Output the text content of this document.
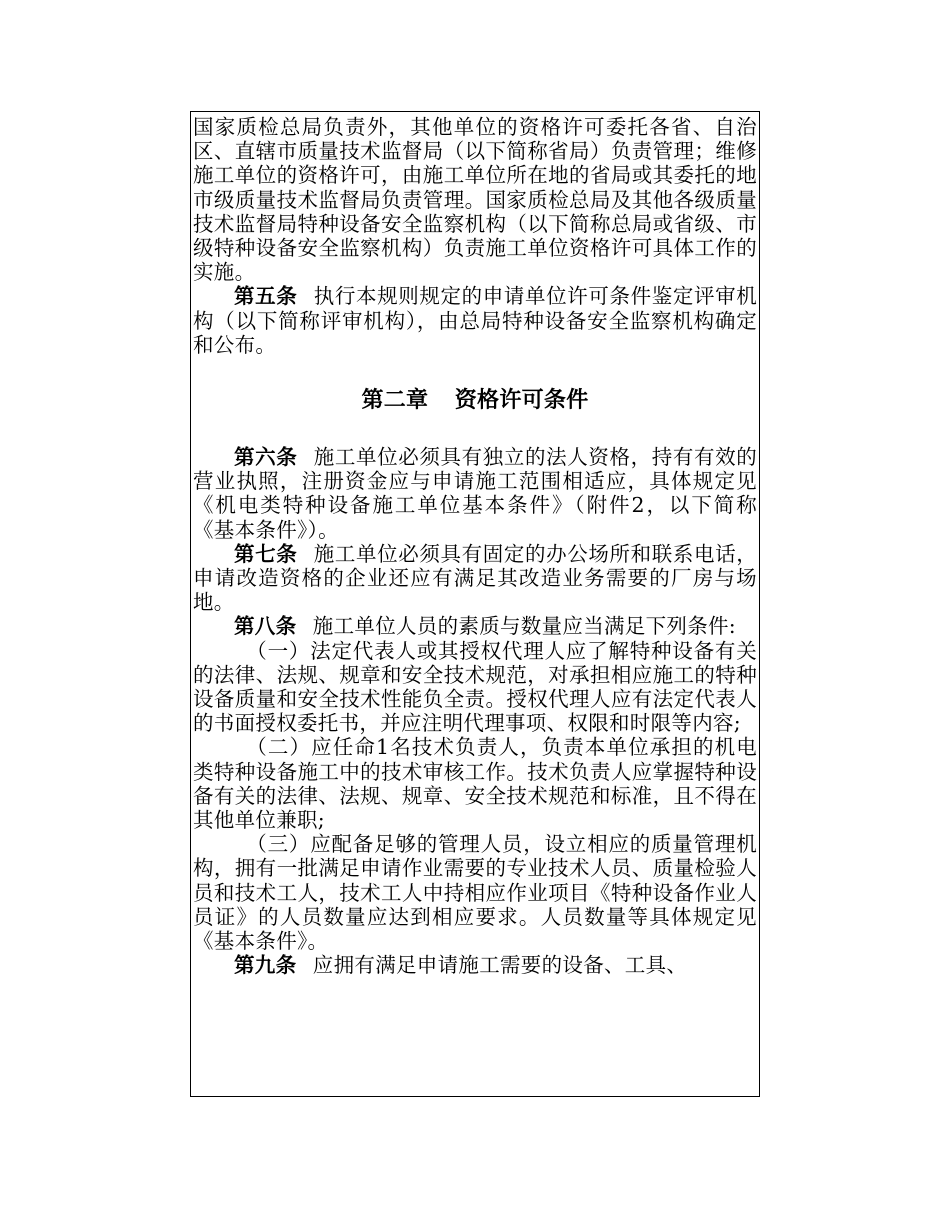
国家质检总局负责外，其他单位的资格许可委托各省、自治区、直辖市质量技术监督局（以下简称省局）负责管理；维修施工单位的资格许可，由施工单位所在地的省局或其委托的地市级质量技术监督局负责管理。国家质检总局及其他各级质量技术监督局特种设备安全监察机构（以下简称总局或省级、市级特种设备安全监察机构）负责施工单位资格许可具体工作的实施。

第五条 执行本规则规定的申请单位许可条件鉴定评审机构（以下简称评审机构），由总局特种设备安全监察机构确定和公布。

第二章 资格许可条件

第六条 施工单位必须具有独立的法人资格，持有有效的营业执照，注册资金应与申请施工范围相适应，具体规定见《机电类特种设备施工单位基本条件》（附件2，以下简称《基本条件》）。

第七条 施工单位必须具有固定的办公场所和联系电话，申请改造资格的企业还应有满足其改造业务需要的厂房与场地。

第八条 施工单位人员的素质与数量应当满足下列条件:

（一）法定代表人或其授权代理人应了解特种设备有关的法律、法规、规章和安全技术规范，对承担相应施工的特种设备质量和安全技术性能负全责。授权代理人应有法定代表人的书面授权委托书，并应注明代理事项、权限和时限等内容;

（二）应任命1名技术负责人，负责本单位承担的机电类特种设备施工中的技术审核工作。技术负责人应掌握特种设备有关的法律、法规、规章、安全技术规范和标准，且不得在其他单位兼职;

（三）应配备足够的管理人员，设立相应的质量管理机构，拥有一批满足申请作业需要的专业技术人员、质量检验人员和技术工人，技术工人中持相应作业项目《特种设备作业人员证》的人员数量应达到相应要求。人员数量等具体规定见《基本条件》。

第九条 应拥有满足申请施工需要的设备、工具、
